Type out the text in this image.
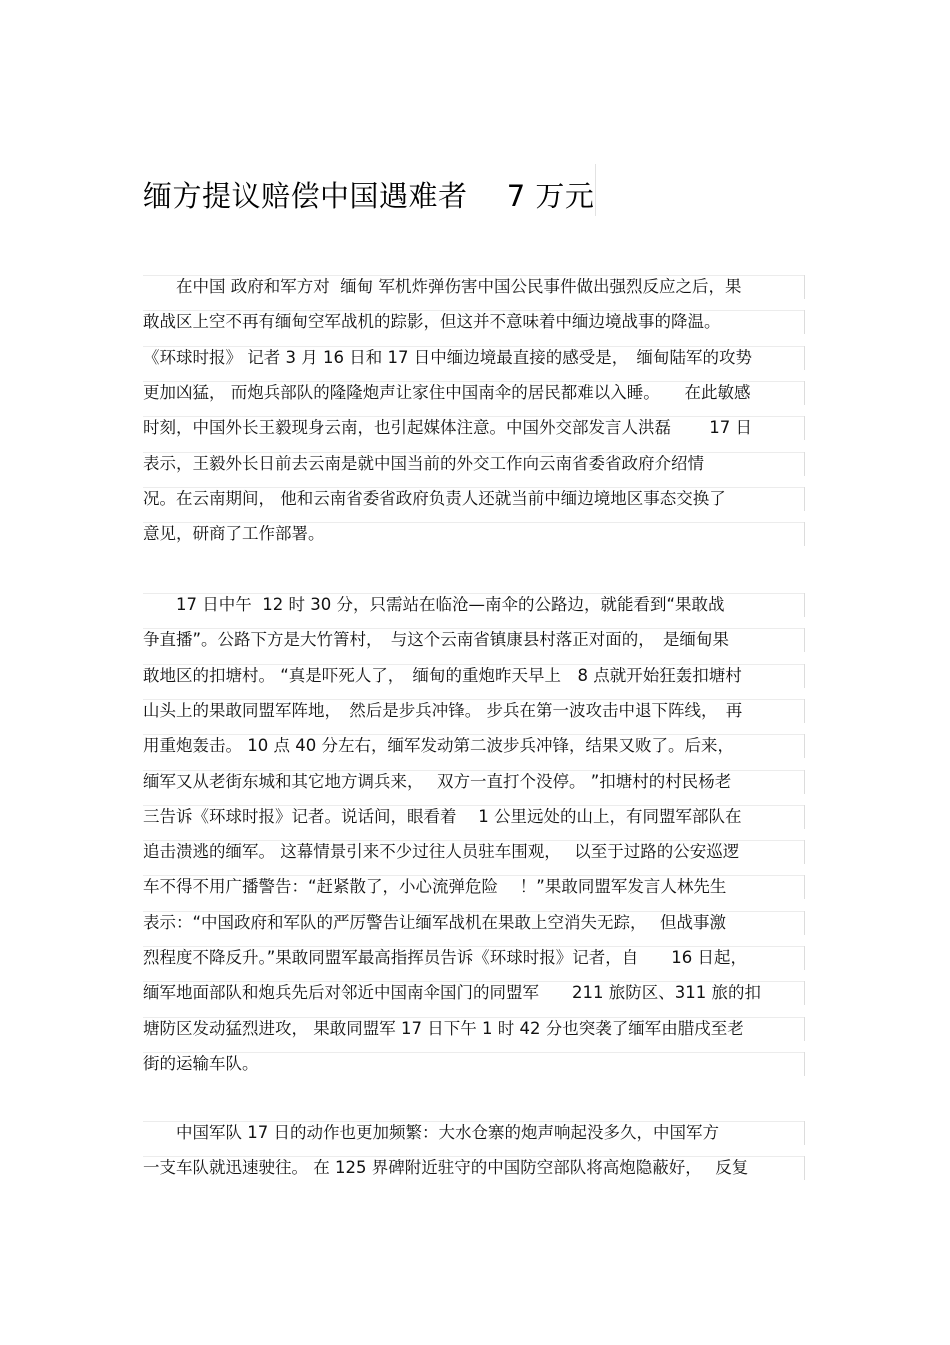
缅方提议赔偿中国遇难者　 7 万元
　　在中国 政府和军方对  缅甸 军机炸弹伤害中国公民事件做出强烈反应之后，果
敢战区上空不再有缅甸空军战机的踪影，但这并不意味着中缅边境战事的降温。
《环球时报》 记者 3 月 16 日和 17 日中缅边境最直接的感受是，　缅甸陆军的攻势
更加凶猛， 而炮兵部队的隆隆炮声让家住中国南伞的居民都难以入睡。　　在此敏感
时刻，中国外长王毅现身云南，也引起媒体注意。中国外交部发言人洪磊　　 17 日
表示，王毅外长日前去云南是就中国当前的外交工作向云南省委省政府介绍情
况。在云南期间， 他和云南省委省政府负责人还就当前中缅边境地区事态交换了
意见，研商了工作部署。
　　17 日中午  12 时 30 分，只需站在临沧—南伞的公路边，就能看到“果敢战
争直播”。公路下方是大竹箐村，　与这个云南省镇康县村落正对面的，　是缅甸果
敢地区的扣塘村。 “真是吓死人了，　缅甸的重炮昨天早上　8 点就开始狂轰扣塘村
山头上的果敢同盟军阵地，　然后是步兵冲锋。 步兵在第一波攻击中退下阵线，　再
用重炮轰击。 10 点 40 分左右，缅军发动第二波步兵冲锋，结果又败了。后来，
缅军又从老街东城和其它地方调兵来，　 双方一直打个没停。 ”扣塘村的村民杨老
三告诉《环球时报》记者。说话间，眼看着　 1 公里远处的山上，有同盟军部队在
追击溃逃的缅军。 这幕情景引来不少过往人员驻车围观，　 以至于过路的公安巡逻
车不得不用广播警告：“赶紧散了，小心流弹危险　 ！”果敢同盟军发言人林先生
表示：“中国政府和军队的严厉警告让缅军战机在果敢上空消失无踪，　 但战事激
烈程度不降反升。”果敢同盟军最高指挥员告诉《环球时报》记者，自　　16 日起，
缅军地面部队和炮兵先后对邻近中国南伞国门的同盟军　　211 旅防区、311 旅的扣
塘防区发动猛烈进攻， 果敢同盟军 17 日下午 1 时 42 分也突袭了缅军由腊戌至老
街的运输车队。
　　中国军队 17 日的动作也更加频繁：大水仓寨的炮声响起没多久，中国军方
一支车队就迅速驶往。 在 125 界碑附近驻守的中国防空部队将高炮隐蔽好，　 反复
